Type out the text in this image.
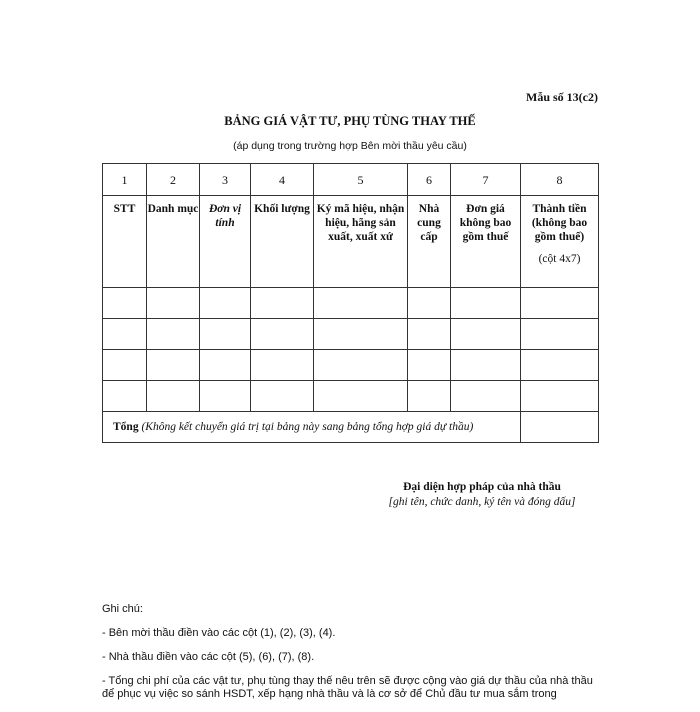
Mẫu số 13(c2)
BẢNG GIÁ VẬT TƯ, PHỤ TÙNG THAY THẾ
(áp dụng trong trường hợp Bên mời thầu yêu cầu)
1	2	3	4	5	6	7	8
STT	Danh mục	Đơn vị tính	Khối lượng	Ký mã hiệu, nhận hiệu, hãng sản xuất, xuất xứ	Nhà cung cấp	Đơn giá không bao gồm thuế	Thành tiền (không bao gồm thuế)
(cột 4x7)

Tổng (Không kết chuyển giá trị tại bảng này sang bảng tổng hợp giá dự thầu)							
Đại diện hợp pháp của nhà thầu
[ghi tên, chức danh, ký tên và đóng dấu]
Ghi chú:
- Bên mời thầu điền vào các cột (1), (2), (3), (4).
- Nhà thầu điền vào các cột (5), (6), (7), (8).
- Tổng chi phí của các vật tư, phụ tùng thay thế nêu trên sẽ được cộng vào giá dự thầu của nhà thầu để phục vụ việc so sánh HSDT, xếp hạng nhà thầu và là cơ sở để Chủ đầu tư mua sắm trong
